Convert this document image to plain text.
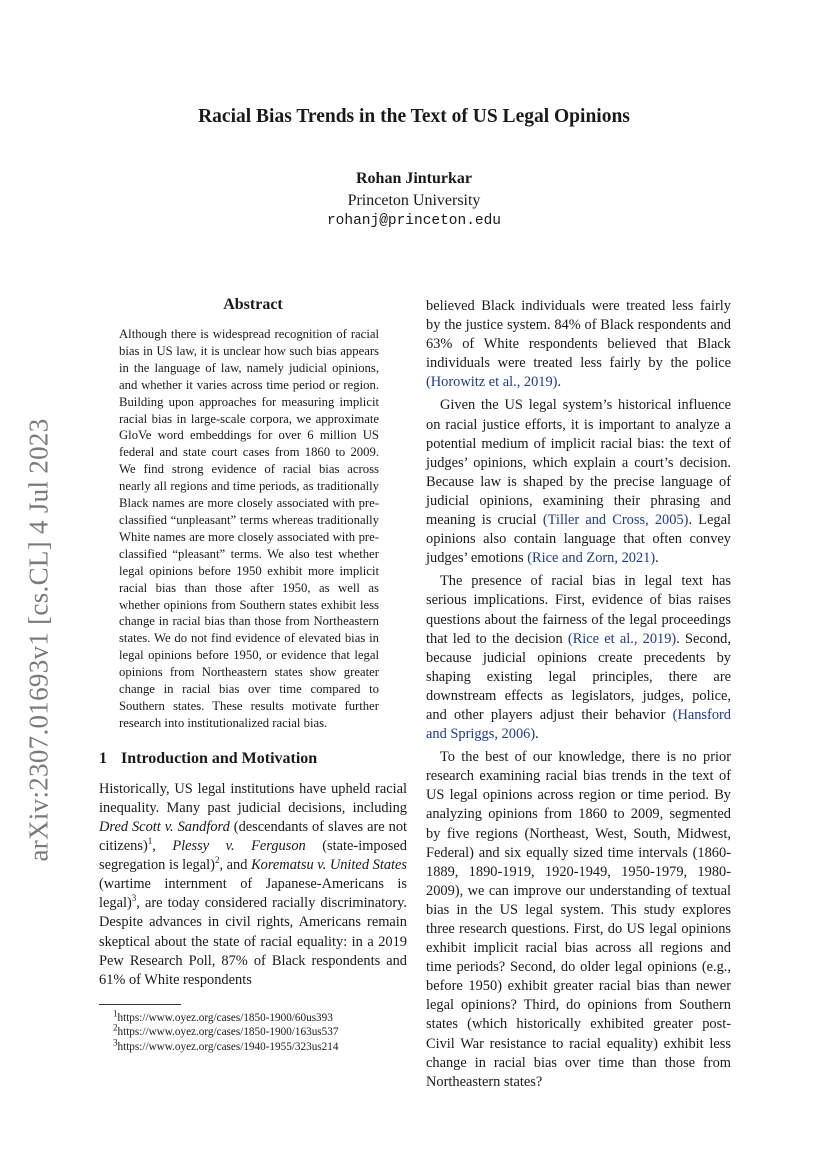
arXiv:2307.01693v1 [cs.CL] 4 Jul 2023
Racial Bias Trends in the Text of US Legal Opinions
Rohan Jinturkar
Princeton University
rohanj@princeton.edu
Abstract

Although there is widespread recognition of racial bias in US law, it is unclear how such bias appears in the language of law, namely judicial opinions, and whether it varies across time period or region. Building upon approaches for measuring implicit racial bias in large-scale corpora, we approximate GloVe word embeddings for over 6 million US federal and state court cases from 1860 to 2009. We find strong evidence of racial bias across nearly all regions and time periods, as traditionally Black names are more closely associated with pre-classified “unpleasant” terms whereas traditionally White names are more closely associated with pre-classified “pleasant” terms. We also test whether legal opinions before 1950 exhibit more implicit racial bias than those after 1950, as well as whether opinions from Southern states exhibit less change in racial bias than those from Northeastern states. We do not find evidence of elevated bias in legal opinions before 1950, or evidence that legal opinions from Northeastern states show greater change in racial bias over time compared to Southern states. These results motivate further research into institutionalized racial bias.

1 Introduction and Motivation

Historically, US legal institutions have upheld racial inequality. Many past judicial decisions, including Dred Scott v. Sandford (descendants of slaves are not citizens)$^1$, Plessy v. Ferguson (state-imposed segregation is legal)$^2$, and Korematsu v. United States (wartime internment of Japanese-Americans is legal)$^3$, are today considered racially discriminatory. Despite advances in civil rights, Americans remain skeptical about the state of racial equality: in a 2019 Pew Research Poll, 87% of Black respondents and 61% of White respondents

$^1$https://www.oyez.org/cases/1850-1900/60us393
$^2$https://www.oyez.org/cases/1850-1900/163us537
$^3$https://www.oyez.org/cases/1940-1955/323us214

believed Black individuals were treated less fairly by the justice system. 84% of Black respondents and 63% of White respondents believed that Black individuals were treated less fairly by the police (Horowitz et al., 2019).

Given the US legal system’s historical influence on racial justice efforts, it is important to analyze a potential medium of implicit racial bias: the text of judges’ opinions, which explain a court’s decision. Because law is shaped by the precise language of judicial opinions, examining their phrasing and meaning is crucial (Tiller and Cross, 2005). Legal opinions also contain language that often convey judges’ emotions (Rice and Zorn, 2021).

The presence of racial bias in legal text has serious implications. First, evidence of bias raises questions about the fairness of the legal proceedings that led to the decision (Rice et al., 2019). Second, because judicial opinions create precedents by shaping existing legal principles, there are downstream effects as legislators, judges, police, and other players adjust their behavior (Hansford and Spriggs, 2006).

To the best of our knowledge, there is no prior research examining racial bias trends in the text of US legal opinions across region or time period. By analyzing opinions from 1860 to 2009, segmented by five regions (Northeast, West, South, Midwest, Federal) and six equally sized time intervals (1860-1889, 1890-1919, 1920-1949, 1950-1979, 1980-2009), we can improve our understanding of textual bias in the US legal system. This study explores three research questions. First, do US legal opinions exhibit implicit racial bias across all regions and time periods? Second, do older legal opinions (e.g., before 1950) exhibit greater racial bias than newer legal opinions? Third, do opinions from Southern states (which historically exhibited greater post-Civil War resistance to racial equality) exhibit less change in racial bias over time than those from Northeastern states?
